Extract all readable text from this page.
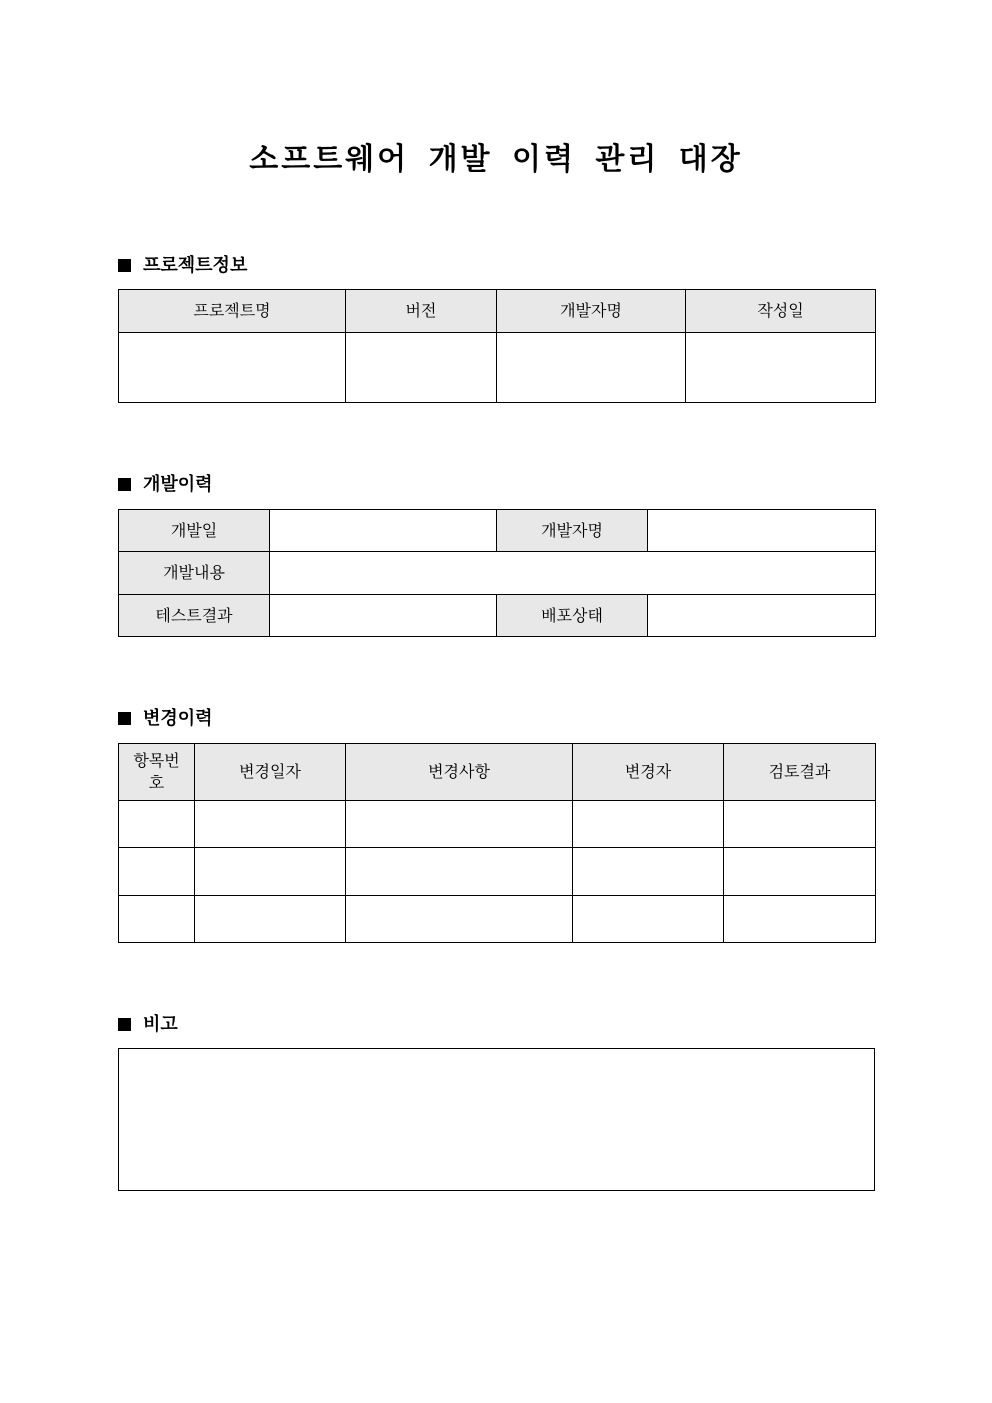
소프트웨어 개발 이력 관리 대장
프로젝트정보
프로젝트명	버전	개발자명	작성일

개발이력
개발일		개발자명	
개발내용			
테스트결과		배포상태	
변경이력
항목번호	변경일자	변경사항	변경자	검토결과

비고
